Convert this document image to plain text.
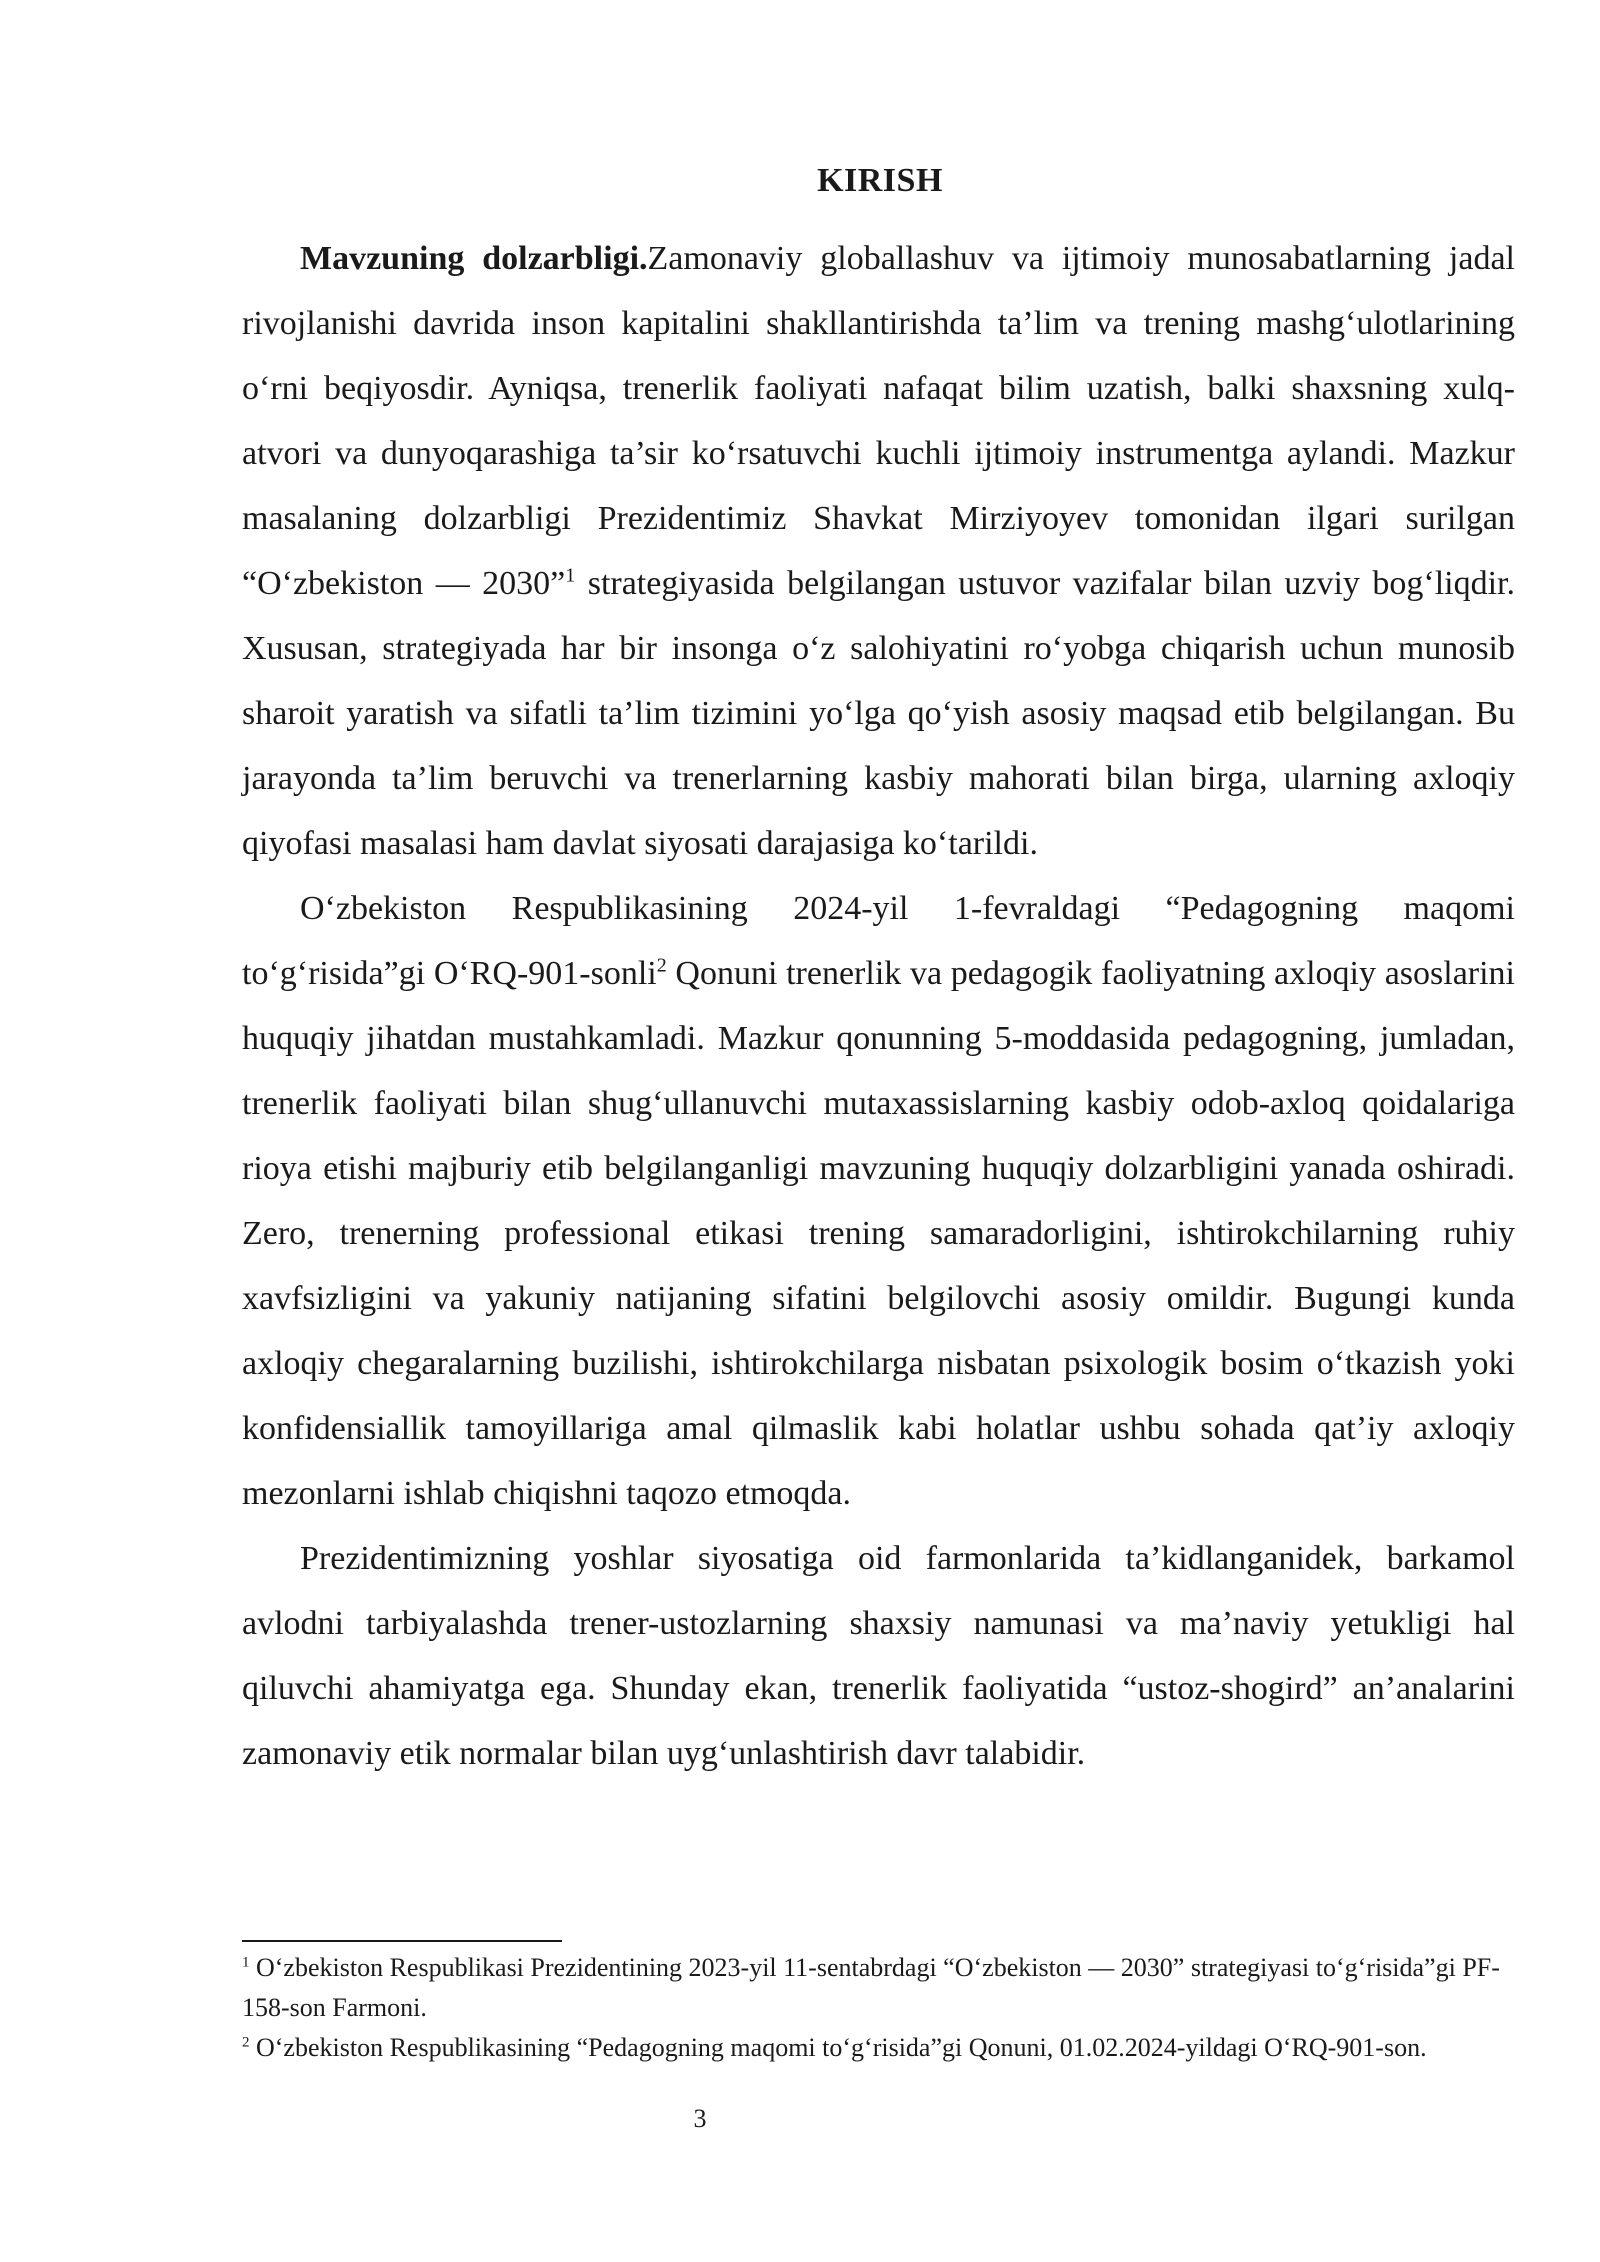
KIRISH

Mavzuning dolzarbligi.Zamonaviy globallashuv va ijtimoiy munosabatlarning jadal rivojlanishi davrida inson kapitalini shakllantirishda ta’lim va trening mashg‘ulotlarining o‘rni beqiyosdir. Ayniqsa, trenerlik faoliyati nafaqat bilim uzatish, balki shaxsning xulq-atvori va dunyoqarashiga ta’sir ko‘rsatuvchi kuchli ijtimoiy instrumentga aylandi. Mazkur masalaning dolzarbligi Prezidentimiz Shavkat Mirziyoyev tomonidan ilgari surilgan “O‘zbekiston — 2030”$^1$ strategiyasida belgilangan ustuvor vazifalar bilan uzviy bog‘liqdir. Xususan, strategiyada har bir insonga o‘z salohiyatini ro‘yobga chiqarish uchun munosib sharoit yaratish va sifatli ta’lim tizimini yo‘lga qo‘yish asosiy maqsad etib belgilangan. Bu jarayonda ta’lim beruvchi va trenerlarning kasbiy mahorati bilan birga, ularning axloqiy qiyofasi masalasi ham davlat siyosati darajasiga ko‘tarildi.

O‘zbekiston Respublikasining 2024-yil 1-fevraldagi “Pedagogning maqomi to‘g‘risida”gi O‘RQ-901-sonli$^2$ Qonuni trenerlik va pedagogik faoliyatning axloqiy asoslarini huquqiy jihatdan mustahkamladi. Mazkur qonunning 5-moddasida pedagogning, jumladan, trenerlik faoliyati bilan shug‘ullanuvchi mutaxassislarning kasbiy odob-axloq qoidalariga rioya etishi majburiy etib belgilanganligi mavzuning huquqiy dolzarbligini yanada oshiradi. Zero, trenerning professional etikasi trening samaradorligini, ishtirokchilarning ruhiy xavfsizligini va yakuniy natijaning sifatini belgilovchi asosiy omildir. Bugungi kunda axloqiy chegaralarning buzilishi, ishtirokchilarga nisbatan psixologik bosim o‘tkazish yoki konfidensiallik tamoyillariga amal qilmaslik kabi holatlar ushbu sohada qat’iy axloqiy mezonlarni ishlab chiqishni taqozo etmoqda.

Prezidentimizning yoshlar siyosatiga oid farmonlarida ta’kidlanganidek, barkamol avlodni tarbiyalashda trener-ustozlarning shaxsiy namunasi va ma’naviy yetukligi hal qiluvchi ahamiyatga ega. Shunday ekan, trenerlik faoliyatida “ustoz-shogird” an’analarini zamonaviy etik normalar bilan uyg‘unlashtirish davr talabidir.

$^1$ O‘zbekiston Respublikasi Prezidentining 2023-yil 11-sentabrdagi “O‘zbekiston — 2030” strategiyasi to‘g‘risida”gi PF-158-son Farmoni.

$^2$ O‘zbekiston Respublikasining “Pedagogning maqomi to‘g‘risida”gi Qonuni, 01.02.2024-yildagi O‘RQ-901-son.

3
